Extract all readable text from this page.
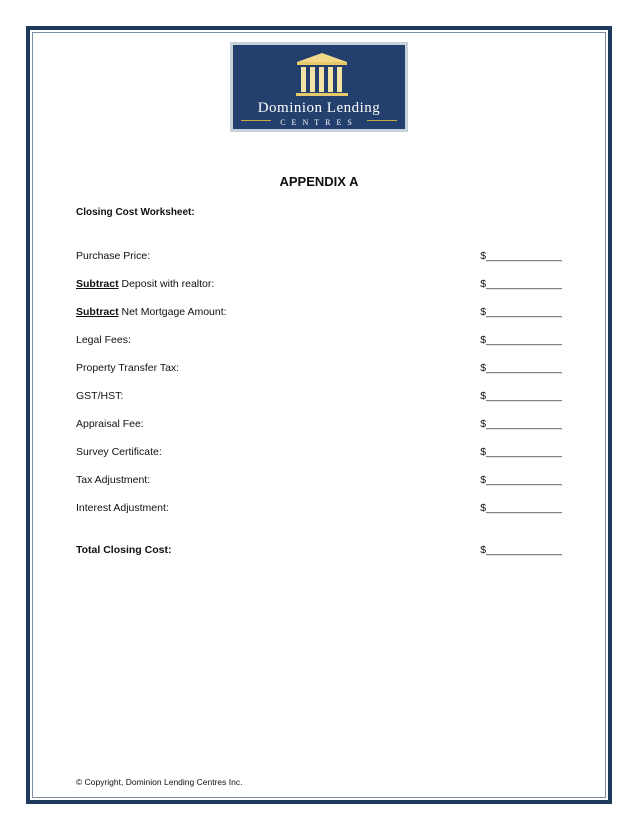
Dominion Lending
CENTRES
APPENDIX A
Closing Cost Worksheet:
Purchase Price:	$_____________
Subtract Deposit with realtor:	$_____________
Subtract Net Mortgage Amount:	$_____________
Legal Fees:	$_____________
Property Transfer Tax:	$_____________
GST/HST:	$_____________
Appraisal Fee:	$_____________
Survey Certificate:	$_____________
Tax Adjustment:	$_____________
Interest Adjustment:	$_____________
Total Closing Cost:	$_____________
© Copyright, Dominion Lending Centres Inc.
